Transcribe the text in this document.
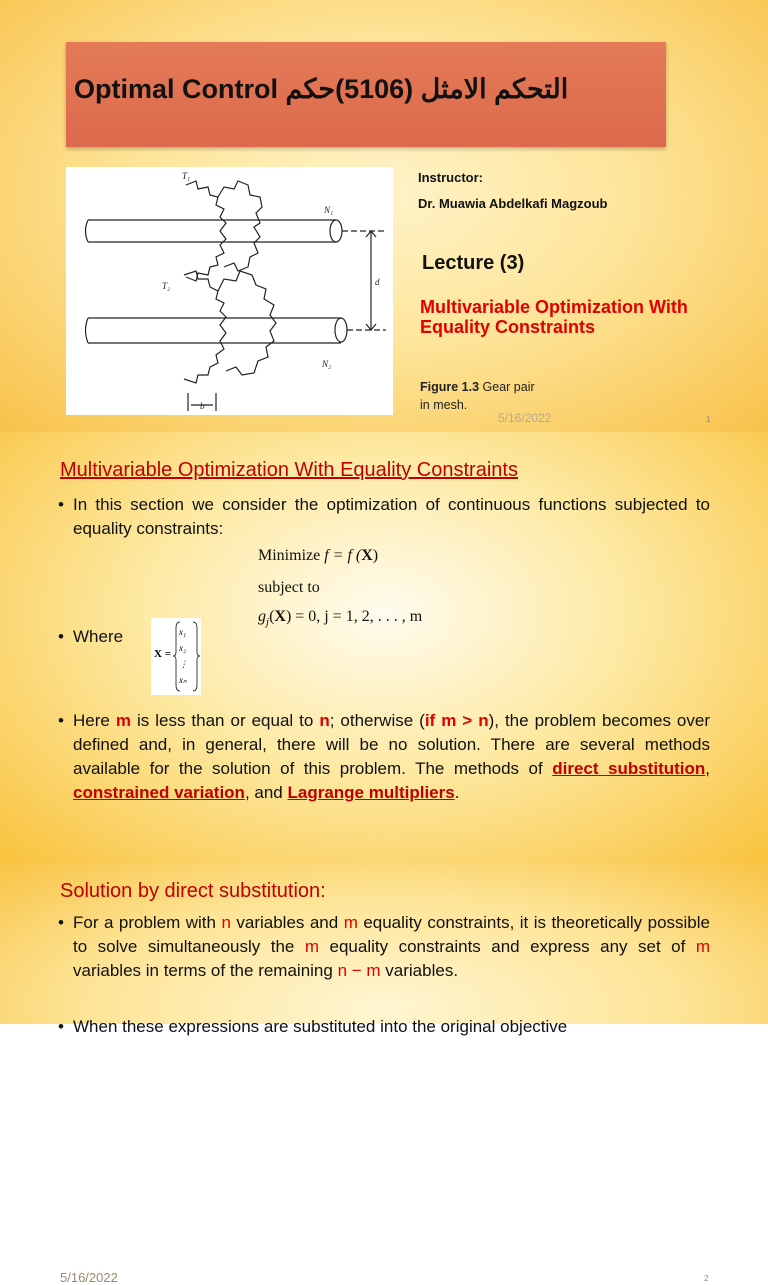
Optimal Control التحكم الامثل (5106)حكم
T₁
T₂
N₁
N₂
d
b
Instructor:
Dr. Muawia Abdelkafi Magzoub
Lecture (3)
Multivariable Optimization With Equality Constraints
Figure 1.3 Gear pair in mesh.
5/16/2022	1
Multivariable Optimization With Equality Constraints
• In this section we consider the optimization of continuous functions subjected to equality constraints:
Minimize f = f (X)
subject to
$g_j(X) = 0$, j = 1, 2, . . . , m
• Where
X =
x₁
x₂
⋮
xₙ
• Here m is less than or equal to n; otherwise (if m > n), the problem becomes over defined and, in general, there will be no solution. There are several methods available for the solution of this problem. The methods of direct substitution, constrained variation, and Lagrange multipliers.
5/16/2022	2
Solution by direct substitution:
• For a problem with n variables and m equality constraints, it is theoretically possible to solve simultaneously the m equality constraints and express any set of m variables in terms of the remaining n − m variables.
• When these expressions are substituted into the original objective
